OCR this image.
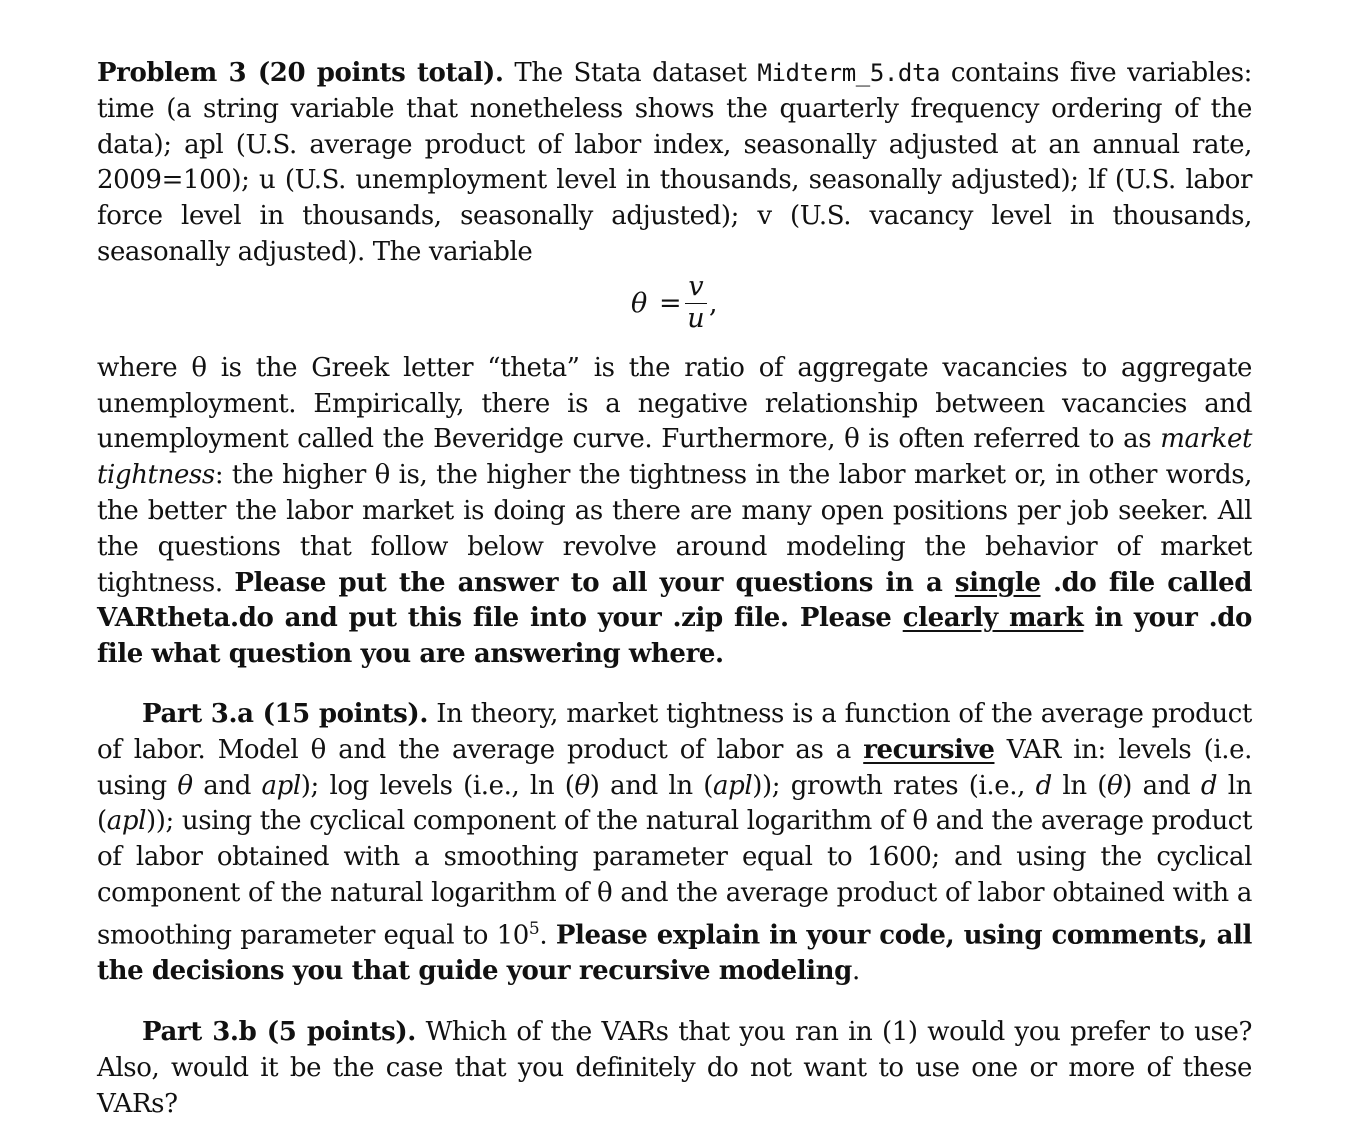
Problem 3 (20 points total). The Stata dataset Midterm_5.dta contains five variables: time (a string variable that nonetheless shows the quarterly frequency ordering of the data); apl (U.S. average product of labor index, seasonally adjusted at an annual rate, 2009=100); u (U.S. unemployment level in thousands, seasonally adjusted); lf (U.S. labor force level in thousands, seasonally adjusted); v (U.S. vacancy level in thousands, seasonally adjusted). The variable

θ =
v
u ,

where θ is the Greek letter “theta” is the ratio of aggregate vacancies to aggregate unemployment. Empirically, there is a negative relationship between vacancies and unemployment called the Beveridge curve. Furthermore, θ is often referred to as market tightness: the higher θ is, the higher the tightness in the labor market or, in other words, the better the labor market is doing as there are many open positions per job seeker. All the questions that follow below revolve around modeling the behavior of market tightness. Please put the answer to all your questions in a single .do file called VARtheta.do and put this file into your .zip file. Please clearly mark in your .do file what question you are answering where.

Part 3.a (15 points). In theory, market tightness is a function of the average product of labor. Model θ and the average product of labor as a recursive VAR in: levels (i.e. using θ and apl); log levels (i.e., ln (θ) and ln (apl)); growth rates (i.e., d ln (θ) and d ln (apl)); using the cyclical component of the natural logarithm of θ and the average product of labor obtained with a smoothing parameter equal to 1600; and using the cyclical component of the natural logarithm of θ and the average product of labor obtained with a smoothing parameter equal to $10^5$. Please explain in your code, using comments, all the decisions you that guide your recursive modeling.

Part 3.b (5 points). Which of the VARs that you ran in (1) would you prefer to use? Also, would it be the case that you definitely do not want to use one or more of these VARs?
